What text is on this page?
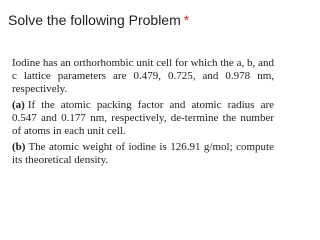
Solve the following Problem *

Iodine has an orthorhombic unit cell for which the a, b, and c lattice parameters are 0.479, 0.725, and 0.978 nm, respectively.

(a) If the atomic packing factor and atomic radius are 0.547 and 0.177 nm, respectively, de-termine the number of atoms in each unit cell.

(b) The atomic weight of iodine is 126.91 g/mol; compute its theoretical density.
